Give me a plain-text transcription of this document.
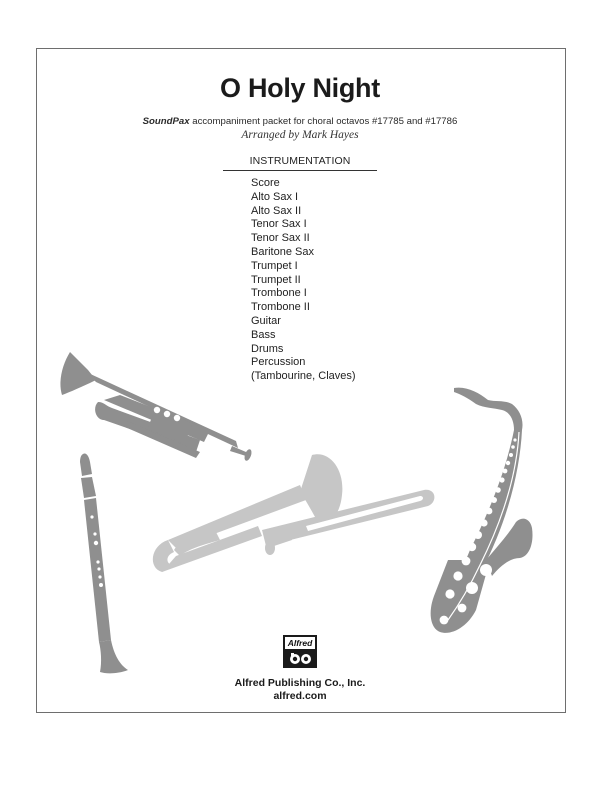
O Holy Night
SoundPax accompaniment packet for choral octavos #17785 and #17786
Arranged by Mark Hayes
INSTRUMENTATION
Score
Alto Sax I
Alto Sax II
Tenor Sax I
Tenor Sax II
Baritone Sax
Trumpet I
Trumpet II
Trombone I
Trombone II
Guitar
Bass
Drums
Percussion
(Tambourine, Claves)
Alfred
Alfred Publishing Co., Inc.
alfred.com
